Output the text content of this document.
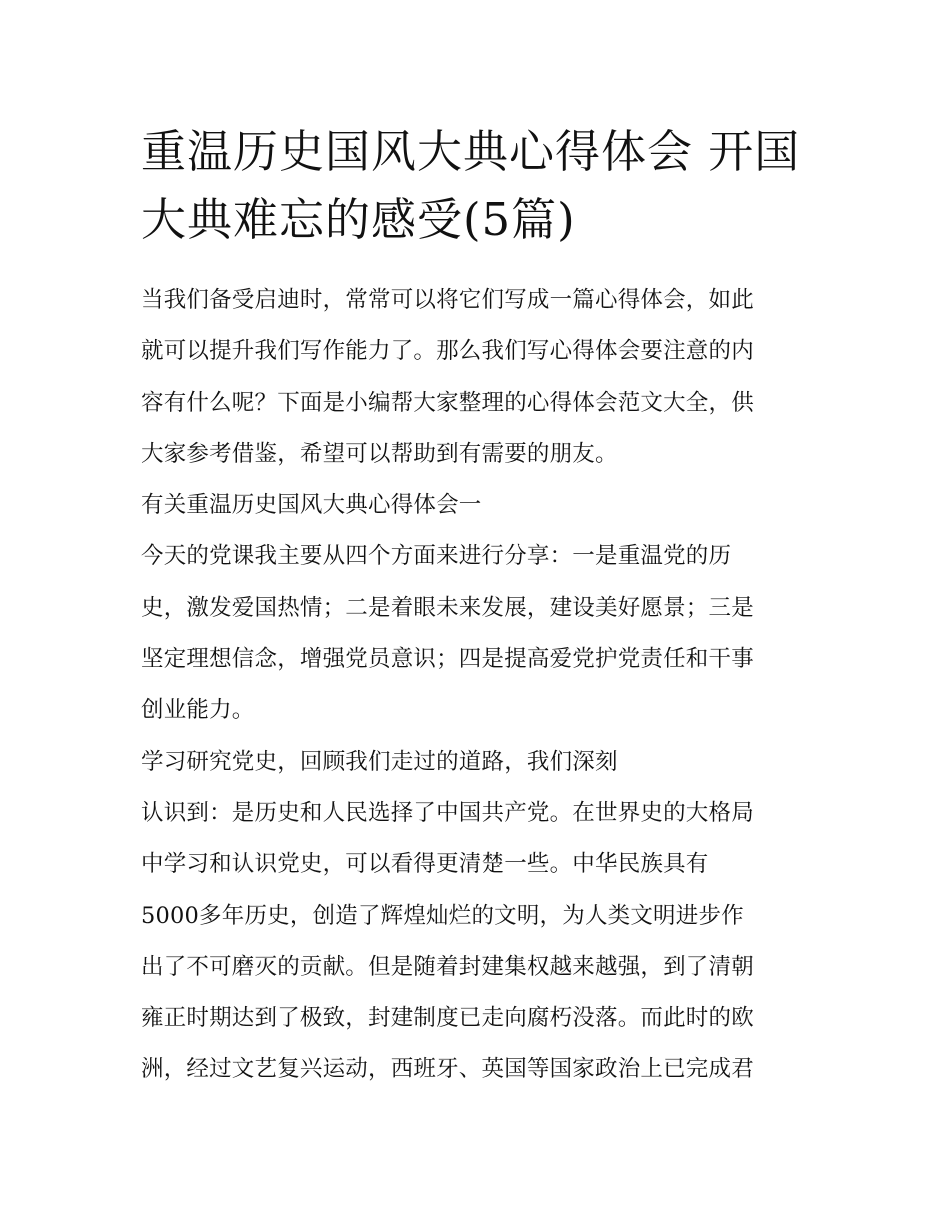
重温历史国风大典心得体会 开国大典难忘的感受(5篇)
当我们备受启迪时，常常可以将它们写成一篇心得体会，如此
就可以提升我们写作能力了。那么我们写心得体会要注意的内
容有什么呢？下面是小编帮大家整理的心得体会范文大全，供
大家参考借鉴，希望可以帮助到有需要的朋友。
有关重温历史国风大典心得体会一
今天的党课我主要从四个方面来进行分享：一是重温党的历
史，激发爱国热情；二是着眼未来发展，建设美好愿景；三是
坚定理想信念，增强党员意识；四是提高爱党护党责任和干事
创业能力。
学习研究党史，回顾我们走过的道路，我们深刻
认识到：是历史和人民选择了中国共产党。在世界史的大格局
中学习和认识党史，可以看得更清楚一些。中华民族具有
5000多年历史，创造了辉煌灿烂的文明，为人类文明进步作
出了不可磨灭的贡献。但是随着封建集权越来越强，到了清朝
雍正时期达到了极致，封建制度已走向腐朽没落。而此时的欧
洲，经过文艺复兴运动，西班牙、英国等国家政治上已完成君
